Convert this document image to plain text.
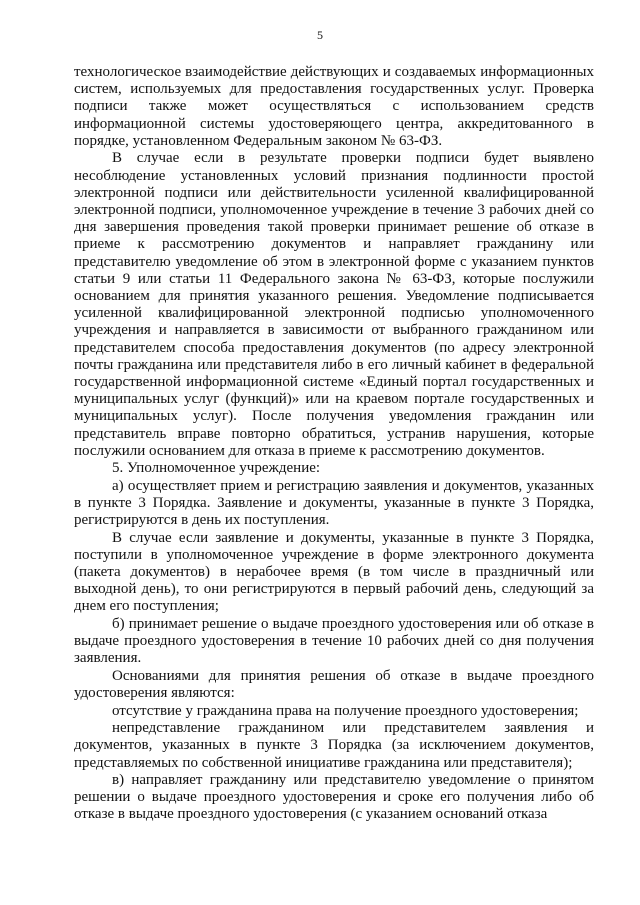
5

технологическое взаимодействие действующих и создаваемых информационных систем, используемых для предоставления государственных услуг. Проверка подписи также может осуществляться с использованием средств информационной системы удостоверяющего центра, аккредитованного в порядке, установленном Федеральным законом № 63-ФЗ.

В случае если в результате проверки подписи будет выявлено несоблюдение установленных условий признания подлинности простой электронной подписи или действительности усиленной квалифицированной электронной подписи, уполномоченное учреждение в течение 3 рабочих дней со дня завершения проведения такой проверки принимает решение об отказе в приеме к рассмотрению документов и направляет гражданину или представителю уведомление об этом в электронной форме с указанием пунктов статьи 9 или статьи 11 Федерального закона № 63-ФЗ, которые послужили основанием для принятия указанного решения. Уведомление подписывается усиленной квалифицированной электронной подписью уполномоченного учреждения и направляется в зависимости от выбранного гражданином или представителем способа предоставления документов (по адресу электронной почты гражданина или представителя либо в его личный кабинет в федеральной государственной информационной системе «Единый портал государственных и муниципальных услуг (функций)» или на краевом портале государственных и муниципальных услуг). После получения уведомления гражданин или представитель вправе повторно обратиться, устранив нарушения, которые послужили основанием для отказа в приеме к рассмотрению документов.

5. Уполномоченное учреждение:

а) осуществляет прием и регистрацию заявления и документов, указанных в пункте 3 Порядка. Заявление и документы, указанные в пункте 3 Порядка, регистрируются в день их поступления.

В случае если заявление и документы, указанные в пункте 3 Порядка, поступили в уполномоченное учреждение в форме электронного документа (пакета документов) в нерабочее время (в том числе в праздничный или выходной день), то они регистрируются в первый рабочий день, следующий за днем его поступления;

б) принимает решение о выдаче проездного удостоверения или об отказе в выдаче проездного удостоверения в течение 10 рабочих дней со дня получения заявления.

Основаниями для принятия решения об отказе в выдаче проездного удостоверения являются:

отсутствие у гражданина права на получение проездного удостоверения;

непредставление гражданином или представителем заявления и документов, указанных в пункте 3 Порядка (за исключением документов, представляемых по собственной инициативе гражданина или представителя);

в) направляет гражданину или представителю уведомление о принятом решении о выдаче проездного удостоверения и сроке его получения либо об отказе в выдаче проездного удостоверения (с указанием оснований отказа
